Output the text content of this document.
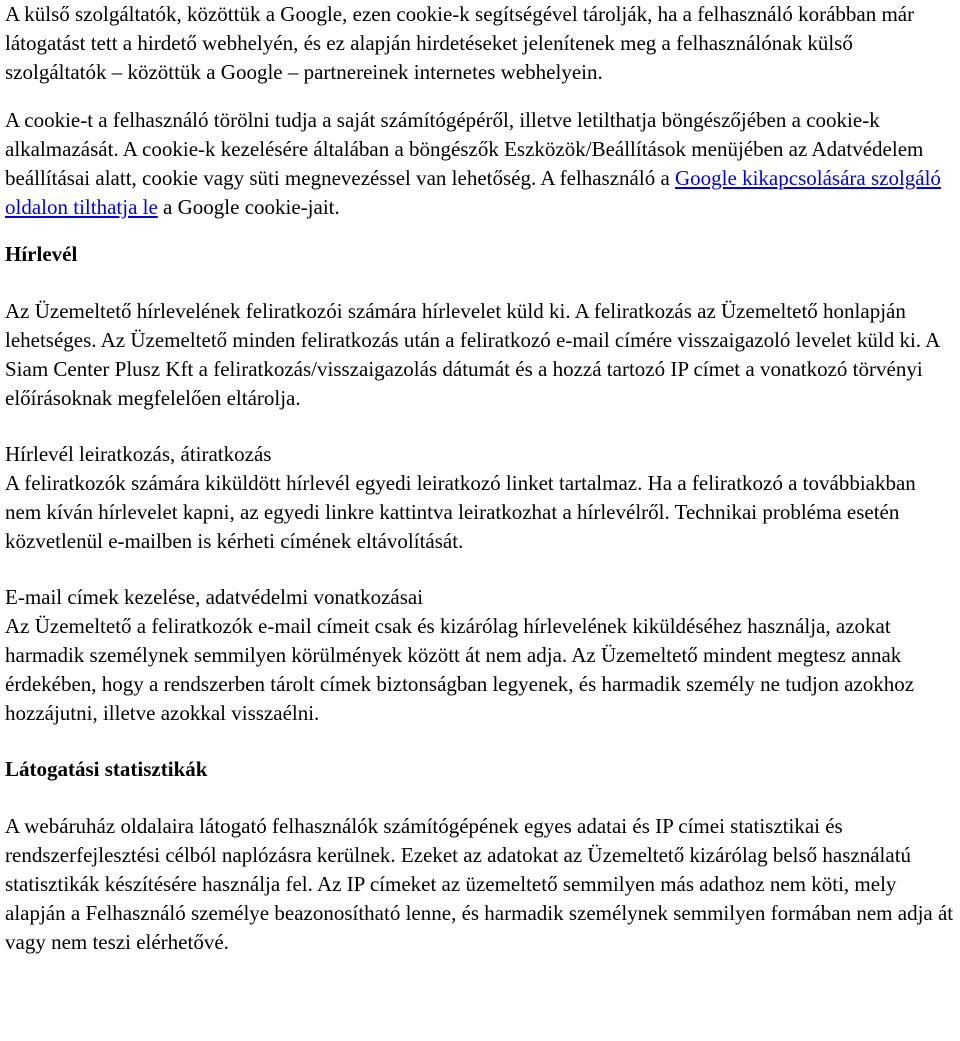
A külső szolgáltatók, közöttük a Google, ezen cookie-k segítségével tárolják, ha a felhasználó korábban már látogatást tett a hirdető webhelyén, és ez alapján hirdetéseket jelenítenek meg a felhasználónak külső szolgáltatók – közöttük a Google – partnereinek internetes webhelyein.

A cookie-t a felhasználó törölni tudja a saját számítógépéről, illetve letilthatja böngészőjében a cookie-k alkalmazását. A cookie-k kezelésére általában a böngészők Eszközök/Beállítások menüjében az Adatvédelem beállításai alatt, cookie vagy süti megnevezéssel van lehetőség. A felhasználó a Google kikapcsolására szolgáló oldalon tilthatja le a Google cookie-jait.

Hírlevél

Az Üzemeltető hírlevelének feliratkozói számára hírlevelet küld ki. A feliratkozás az Üzemeltető honlapján lehetséges. Az Üzemeltető minden feliratkozás után a feliratkozó e-mail címére visszaigazoló levelet küld ki. A Siam Center Plusz Kft a feliratkozás/visszaigazolás dátumát és a hozzá tartozó IP címet a vonatkozó törvényi előírásoknak megfelelően eltárolja.

Hírlevél leiratkozás, átiratkozás

A feliratkozók számára kiküldött hírlevél egyedi leiratkozó linket tartalmaz. Ha a feliratkozó a továbbiakban nem kíván hírlevelet kapni, az egyedi linkre kattintva leiratkozhat a hírlevélről. Technikai probléma esetén közvetlenül e-mailben is kérheti címének eltávolítását.

E-mail címek kezelése, adatvédelmi vonatkozásai

Az Üzemeltető a feliratkozók e-mail címeit csak és kizárólag hírlevelének kiküldéséhez használja, azokat harmadik személynek semmilyen körülmények között át nem adja. Az Üzemeltető mindent megtesz annak érdekében, hogy a rendszerben tárolt címek biztonságban legyenek, és harmadik személy ne tudjon azokhoz hozzájutni, illetve azokkal visszaélni.

Látogatási statisztikák

A webáruház oldalaira látogató felhasználók számítógépének egyes adatai és IP címei statisztikai és rendszerfejlesztési célból naplózásra kerülnek. Ezeket az adatokat az Üzemeltető kizárólag belső használatú statisztikák készítésére használja fel. Az IP címeket az üzemeltető semmilyen más adathoz nem köti, mely alapján a Felhasználó személye beazonosítható lenne, és harmadik személynek semmilyen formában nem adja át vagy nem teszi elérhetővé.
